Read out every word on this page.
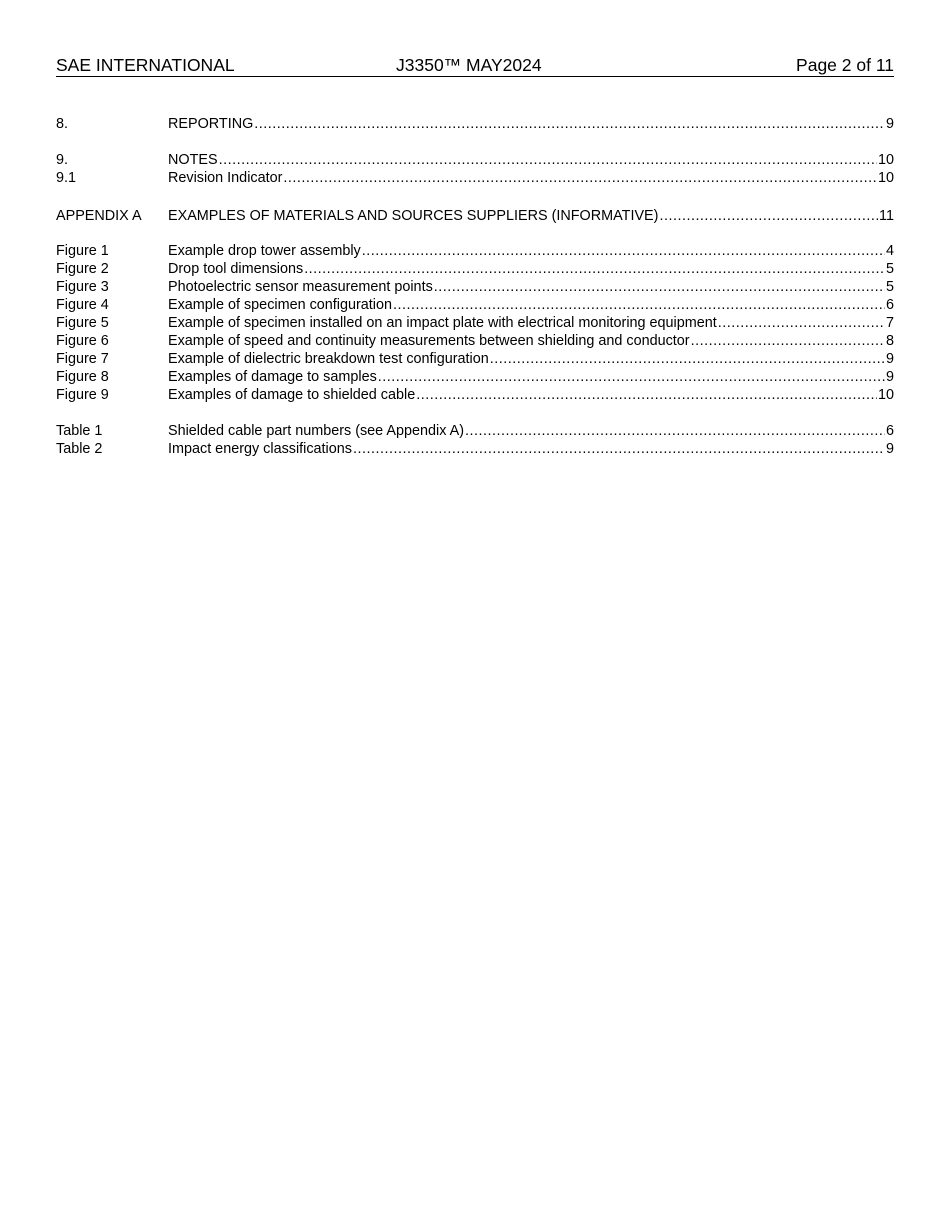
SAE INTERNATIONAL	J3350™ MAY2024	Page 2 of 11
8.	REPORTING .....	9
9.	NOTES .....	10
9.1	Revision Indicator .....	10
APPENDIX A	EXAMPLES OF MATERIALS AND SOURCES SUPPLIERS (INFORMATIVE) .....	11
Figure 1	Example drop tower assembly .....	4
Figure 2	Drop tool dimensions .....	5
Figure 3	Photoelectric sensor measurement points .....	5
Figure 4	Example of specimen configuration .....	6
Figure 5	Example of specimen installed on an impact plate with electrical monitoring equipment .....	7
Figure 6	Example of speed and continuity measurements between shielding and conductor .....	8
Figure 7	Example of dielectric breakdown test configuration .....	9
Figure 8	Examples of damage to samples .....	9
Figure 9	Examples of damage to shielded cable .....	10
Table 1	Shielded cable part numbers (see Appendix A) .....	6
Table 2	Impact energy classifications .....	9
